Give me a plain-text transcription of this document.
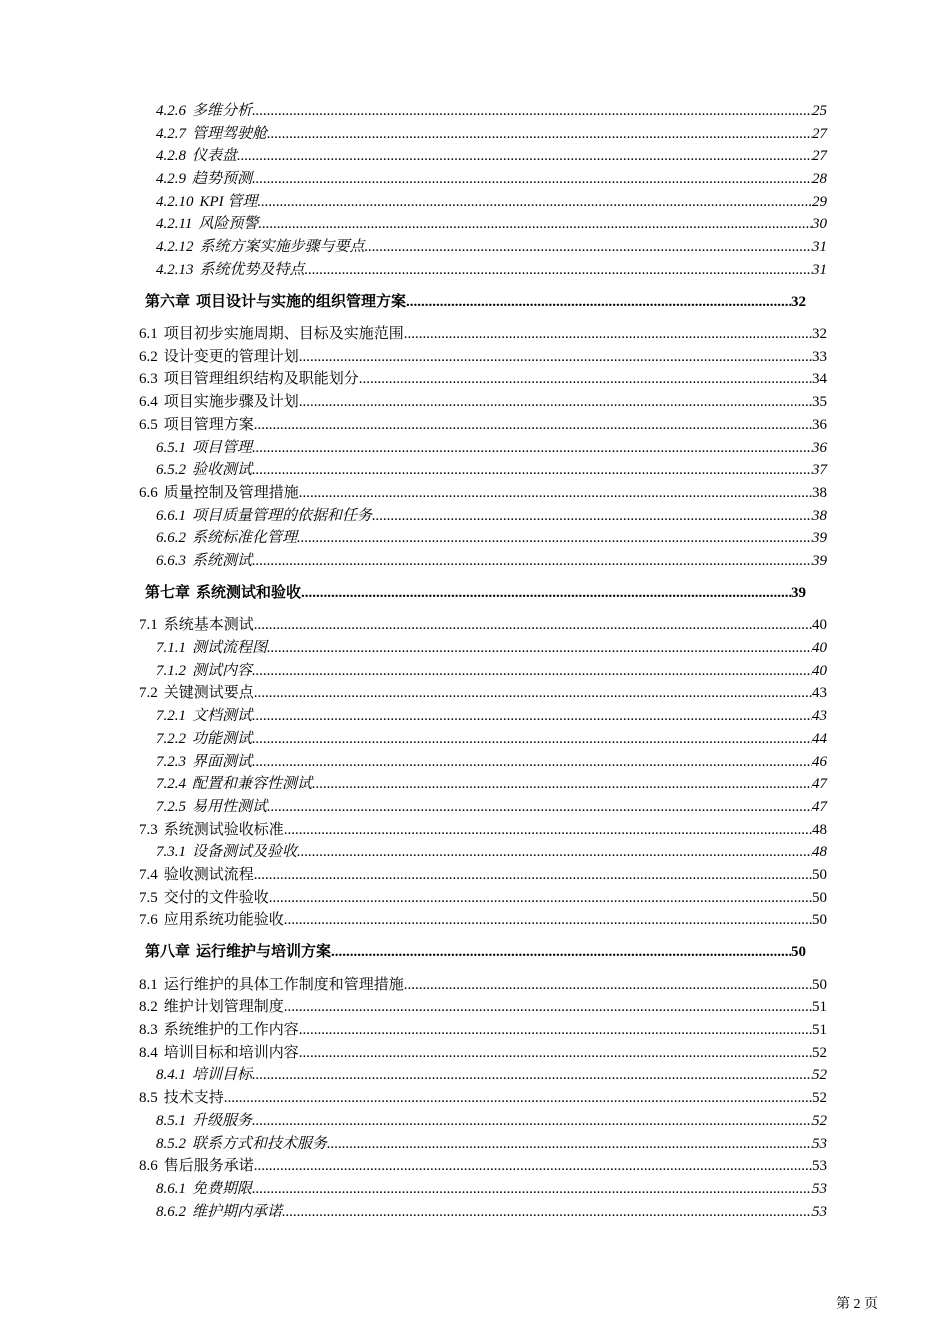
4.2.6 多维分析 .....	25
4.2.7 管理驾驶舱 .....	27
4.2.8 仪表盘 .....	27
4.2.9 趋势预测 .....	28
4.2.10 KPI 管理 .....	29
4.2.11 风险预警 .....	30
4.2.12 系统方案实施步骤与要点 .....	31
4.2.13 系统优势及特点 .....	31
第六章 项目设计与实施的组织管理方案 .....	32
6.1 项目初步实施周期、目标及实施范围 .....	32
6.2 设计变更的管理计划 .....	33
6.3 项目管理组织结构及职能划分 .....	34
6.4 项目实施步骤及计划 .....	35
6.5 项目管理方案 .....	36
6.5.1 项目管理 .....	36
6.5.2 验收测试 .....	37
6.6 质量控制及管理措施 .....	38
6.6.1 项目质量管理的依据和任务 .....	38
6.6.2 系统标准化管理 .....	39
6.6.3 系统测试 .....	39
第七章 系统测试和验收 .....	39
7.1 系统基本测试 .....	40
7.1.1 测试流程图 .....	40
7.1.2 测试内容 .....	40
7.2 关键测试要点 .....	43
7.2.1 文档测试 .....	43
7.2.2 功能测试 .....	44
7.2.3 界面测试 .....	46
7.2.4 配置和兼容性测试 .....	47
7.2.5 易用性测试 .....	47
7.3 系统测试验收标准 .....	48
7.3.1 设备测试及验收 .....	48
7.4 验收测试流程 .....	50
7.5 交付的文件验收 .....	50
7.6 应用系统功能验收 .....	50
第八章 运行维护与培训方案 .....	50
8.1 运行维护的具体工作制度和管理措施 .....	50
8.2 维护计划管理制度 .....	51
8.3 系统维护的工作内容 .....	51
8.4 培训目标和培训内容 .....	52
8.4.1 培训目标 .....	52
8.5 技术支持 .....	52
8.5.1 升级服务 .....	52
8.5.2 联系方式和技术服务 .....	53
8.6 售后服务承诺 .....	53
8.6.1 免费期限 .....	53
8.6.2 维护期内承诺 .....	53
第 2 页
